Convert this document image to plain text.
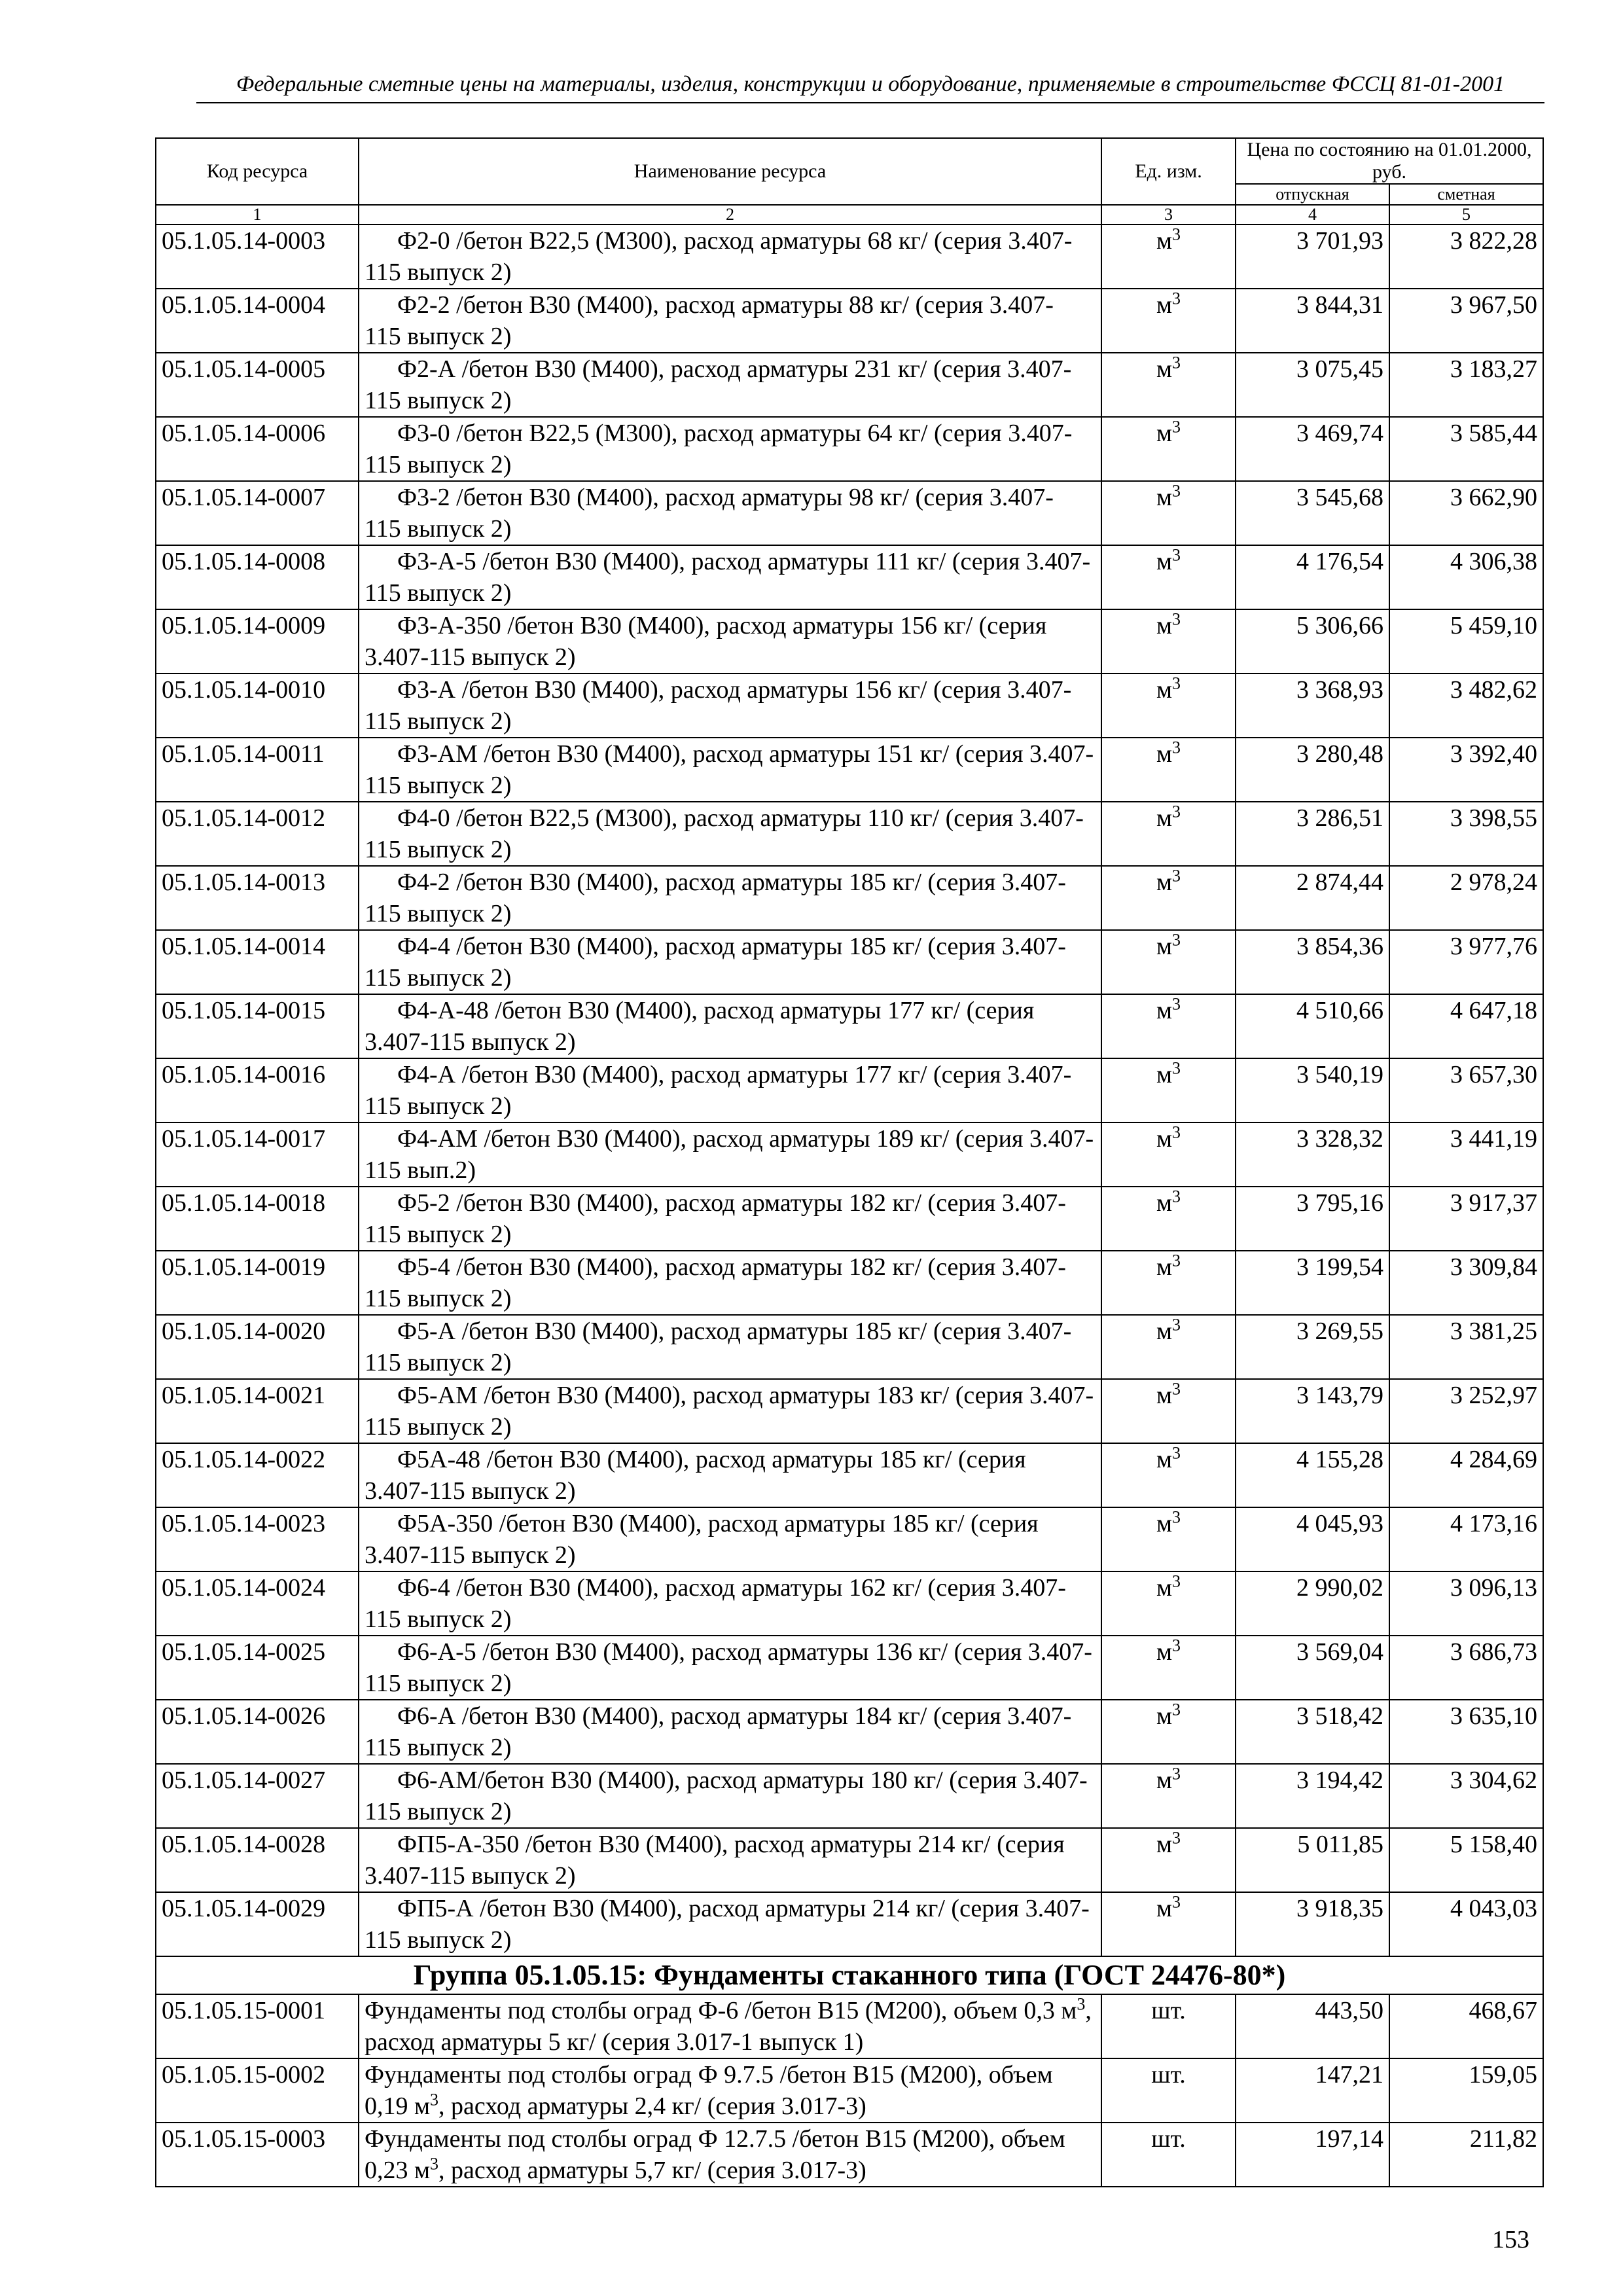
Федеральные сметные цены на материалы, изделия, конструкции и оборудование, применяемые в строительстве ФССЦ 81-01-2001
Код ресурса	Наименование ресурса	Ед. изм.	Цена по состоянию на 01.01.2000, руб.	
			отпускная	сметная
1	2	3	4	5
05.1.05.14-0003	Ф2-0 /бетон В22,5 (М300), расход арматуры 68 кг/ (серия 3.407-115 выпуск 2)	$м^3$	3 701,93	3 822,28
05.1.05.14-0004	Ф2-2 /бетон В30 (М400), расход арматуры 88 кг/ (серия 3.407- 115 выпуск 2)	$м^3$	3 844,31	3 967,50
05.1.05.14-0005	Ф2-А /бетон В30 (М400), расход арматуры 231 кг/ (серия 3.407-115 выпуск 2)	$м^3$	3 075,45	3 183,27
05.1.05.14-0006	Ф3-0 /бетон В22,5 (М300), расход арматуры 64 кг/ (серия 3.407-115 выпуск 2)	$м^3$	3 469,74	3 585,44
05.1.05.14-0007	Ф3-2 /бетон В30 (М400), расход арматуры 98 кг/ (серия 3.407- 115 выпуск 2)	$м^3$	3 545,68	3 662,90
05.1.05.14-0008	Ф3-А-5 /бетон В30 (М400), расход арматуры 111 кг/ (серия 3.407-115 выпуск 2)	$м^3$	4 176,54	4 306,38
05.1.05.14-0009	Ф3-А-350 /бетон В30 (М400), расход арматуры 156 кг/ (серия 3.407-115 выпуск 2)	$м^3$	5 306,66	5 459,10
05.1.05.14-0010	Ф3-А /бетон В30 (М400), расход арматуры 156 кг/ (серия 3.407-115 выпуск 2)	$м^3$	3 368,93	3 482,62
05.1.05.14-0011	Ф3-АМ /бетон В30 (М400), расход арматуры 151 кг/ (серия 3.407-115 выпуск 2)	$м^3$	3 280,48	3 392,40
05.1.05.14-0012	Ф4-0 /бетон В22,5 (М300), расход арматуры 110 кг/ (серия 3.407-115 выпуск 2)	$м^3$	3 286,51	3 398,55
05.1.05.14-0013	Ф4-2 /бетон В30 (М400), расход арматуры 185 кг/ (серия 3.407- 115 выпуск 2)	$м^3$	2 874,44	2 978,24
05.1.05.14-0014	Ф4-4 /бетон В30 (М400), расход арматуры 185 кг/ (серия 3.407- 115 выпуск 2)	$м^3$	3 854,36	3 977,76
05.1.05.14-0015	Ф4-А-48 /бетон В30 (М400), расход арматуры 177 кг/ (серия 3.407-115 выпуск 2)	$м^3$	4 510,66	4 647,18
05.1.05.14-0016	Ф4-А /бетон В30 (М400), расход арматуры 177 кг/ (серия 3.407-115 выпуск 2)	$м^3$	3 540,19	3 657,30
05.1.05.14-0017	Ф4-АМ /бетон В30 (М400), расход арматуры 189 кг/ (серия 3.407-115 вып.2)	$м^3$	3 328,32	3 441,19
05.1.05.14-0018	Ф5-2 /бетон В30 (М400), расход арматуры 182 кг/ (серия 3.407- 115 выпуск 2)	$м^3$	3 795,16	3 917,37
05.1.05.14-0019	Ф5-4 /бетон В30 (М400), расход арматуры 182 кг/ (серия 3.407- 115 выпуск 2)	$м^3$	3 199,54	3 309,84
05.1.05.14-0020	Ф5-А /бетон В30 (М400), расход арматуры 185 кг/ (серия 3.407-115 выпуск 2)	$м^3$	3 269,55	3 381,25
05.1.05.14-0021	Ф5-АМ /бетон В30 (М400), расход арматуры 183 кг/ (серия 3.407-115 выпуск 2)	$м^3$	3 143,79	3 252,97
05.1.05.14-0022	Ф5А-48 /бетон В30 (М400), расход арматуры 185 кг/ (серия 3.407-115 выпуск 2)	$м^3$	4 155,28	4 284,69
05.1.05.14-0023	Ф5А-350 /бетон В30 (М400), расход арматуры 185 кг/ (серия 3.407-115 выпуск 2)	$м^3$	4 045,93	4 173,16
05.1.05.14-0024	Ф6-4 /бетон В30 (М400), расход арматуры 162 кг/ (серия 3.407- 115 выпуск 2)	$м^3$	2 990,02	3 096,13
05.1.05.14-0025	Ф6-А-5 /бетон В30 (М400), расход арматуры 136 кг/ (серия 3.407-115 выпуск 2)	$м^3$	3 569,04	3 686,73
05.1.05.14-0026	Ф6-А /бетон В30 (М400), расход арматуры 184 кг/ (серия 3.407-115 выпуск 2)	$м^3$	3 518,42	3 635,10
05.1.05.14-0027	Ф6-АМ/бетон В30 (М400), расход арматуры 180 кг/ (серия 3.407-115 выпуск 2)	$м^3$	3 194,42	3 304,62
05.1.05.14-0028	ФП5-А-350 /бетон В30 (М400), расход арматуры 214 кг/ (серия 3.407-115 выпуск 2)	$м^3$	5 011,85	5 158,40
05.1.05.14-0029	ФП5-А /бетон В30 (М400), расход арматуры 214 кг/ (серия 3.407-115 выпуск 2)	$м^3$	3 918,35	4 043,03
Группа 05.1.05.15: Фундаменты стаканного типа (ГОСТ 24476-80*)				
05.1.05.15-0001	Фундаменты под столбы оград Ф-6 /бетон В15 (М200), объем 0,3 $м^3$, расход арматуры 5 кг/ (серия 3.017-1 выпуск 1)	шт.	443,50	468,67
05.1.05.15-0002	Фундаменты под столбы оград Ф 9.7.5 /бетон В15 (М200), объем 0,19 $м^3$, расход арматуры 2,4 кг/ (серия 3.017-3)	шт.	147,21	159,05
05.1.05.15-0003	Фундаменты под столбы оград Ф 12.7.5 /бетон В15 (М200), объем 0,23 $м^3$, расход арматуры 5,7 кг/ (серия 3.017-3)	шт.	197,14	211,82
153
